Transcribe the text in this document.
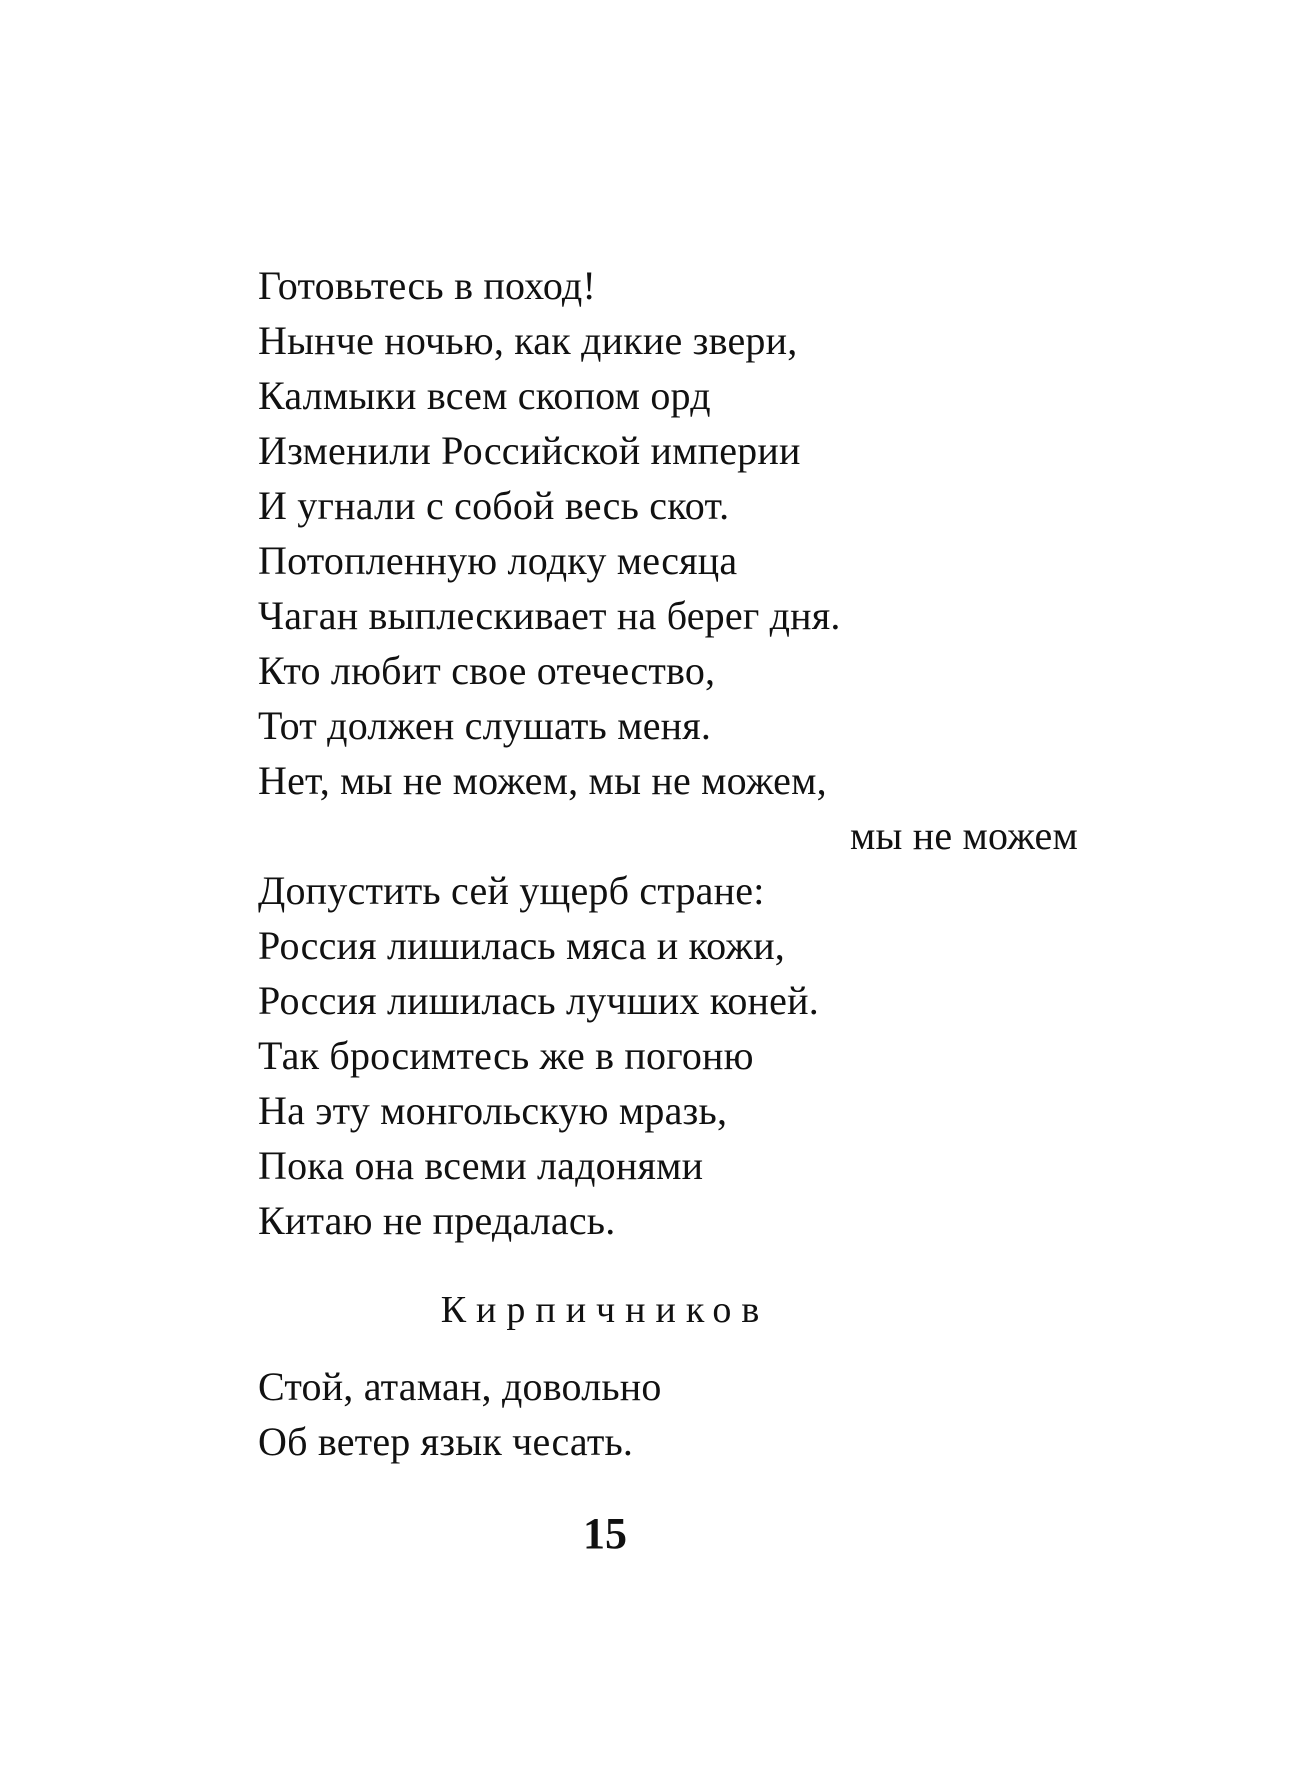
Готовьтесь в поход!
Нынче ночью, как дикие звери,
Калмыки всем скопом орд
Изменили Российской империи
И угнали с собой весь скот.
Потопленную лодку месяца
Чаган выплескивает на берег дня.
Кто любит свое отечество,
Тот должен слушать меня.
Нет, мы не можем, мы не можем,
мы не можем
Допустить сей ущерб стране:
Россия лишилась мяса и кожи,
Россия лишилась лучших коней.
Так бросимтесь же в погоню
На эту монгольскую мразь,
Пока она всеми ладонями
Китаю не предалась.
Кирпичников
Стой, атаман, довольно
Об ветер язык чесать.
15
